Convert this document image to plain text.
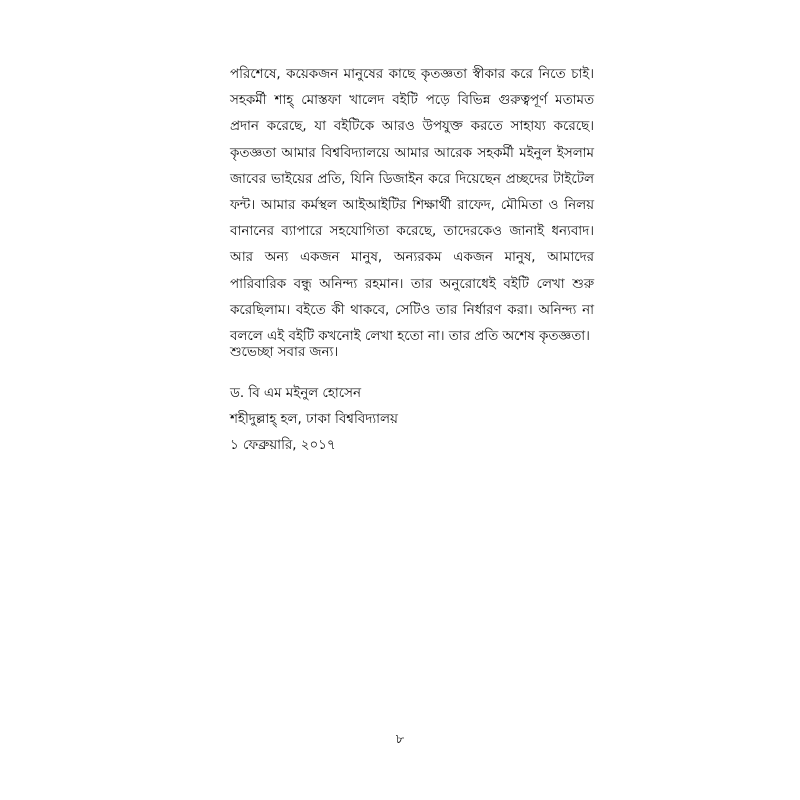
পরিশেষে, কয়েকজন মানুষের কাছে কৃতজ্ঞতা স্বীকার করে নিতে চাই। সহকর্মী শাহ্ মোস্তফা খালেদ বইটি পড়ে বিভিন্ন গুরুত্বপূর্ণ মতামত প্রদান করেছে, যা বইটিকে আরও উপযুক্ত করতে সাহায্য করেছে। কৃতজ্ঞতা আমার বিশ্ববিদ্যালয়ে আমার আরেক সহকর্মী মইনুল ইসলাম জাবের ভাইয়ের প্রতি, যিনি ডিজাইন করে দিয়েছেন প্রচ্ছদের টাইটেল ফন্ট। আমার কর্মস্থল আইআইটির শিক্ষার্থী রাফেদ, মৌমিতা ও নিলয় বানানের ব্যাপারে সহযোগিতা করেছে, তাদেরকেও জানাই ধন্যবাদ। আর অন্য একজন মানুষ, অন্যরকম একজন মানুষ, আমাদের পারিবারিক বন্ধু অনিন্দ্য রহমান। তার অনুরোধেই বইটি লেখা শুরু করেছিলাম। বইতে কী থাকবে, সেটিও তার নির্ধারণ করা। অনিন্দ্য না বললে এই বইটি কখনোই লেখা হতো না। তার প্রতি অশেষ কৃতজ্ঞতা।

শুভেচ্ছা সবার জন্য।

ড. বি এম মইনুল হোসেন
শহীদুল্লাহ্ হল, ঢাকা বিশ্ববিদ্যালয়
১ ফেব্রুয়ারি, ২০১৭

৮
